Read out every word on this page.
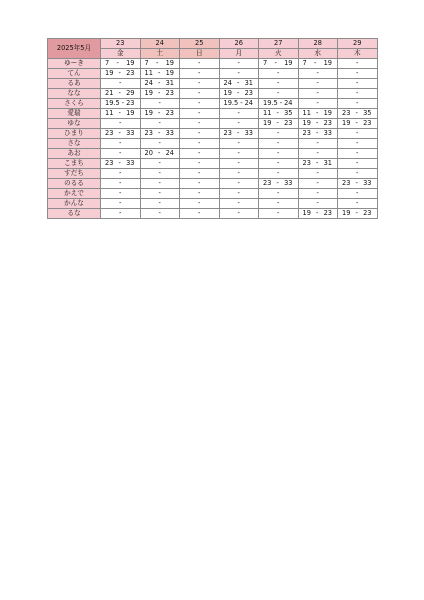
2025年5月	23	24	25	26	27	28	29
	金	土	日	月	火	水	木
ゆーき	7 - 19	7 - 19	-	-	7 - 19	7 - 19	-
てん	19 - 23	11 - 19	-	-	-	-	-
るあ	-	24 - 31	-	24 - 31	-	-	-
なな	21 - 29	19 - 23	-	19 - 23	-	-	-
さくら	19.5 - 23	-	-	19.5 - 24	19.5 - 24	-	-
愛瑞	11 - 19	19 - 23	-	-	11 - 35	11 - 19	23 - 35

ゆな	-	-	-	-	19 - 23	19 - 23	19 - 23

ひまり	23 - 33	23 - 33	-	23 - 33	-	23 - 33	-
さな	-	-	-	-	-	-	-
あお	-	20 - 24	-	-	-	-	-
こまち	23 - 33	-	-	-	-	23 - 31	-
すだち	-	-	-	-	-	-	-
のるる	-	-	-	-	23 - 33	-	23 - 33

かえで	-	-	-	-	-	-	-
かんな	-	-	-	-	-	-	-
るな	-	-	-	-	-	19 - 23	19 - 23
